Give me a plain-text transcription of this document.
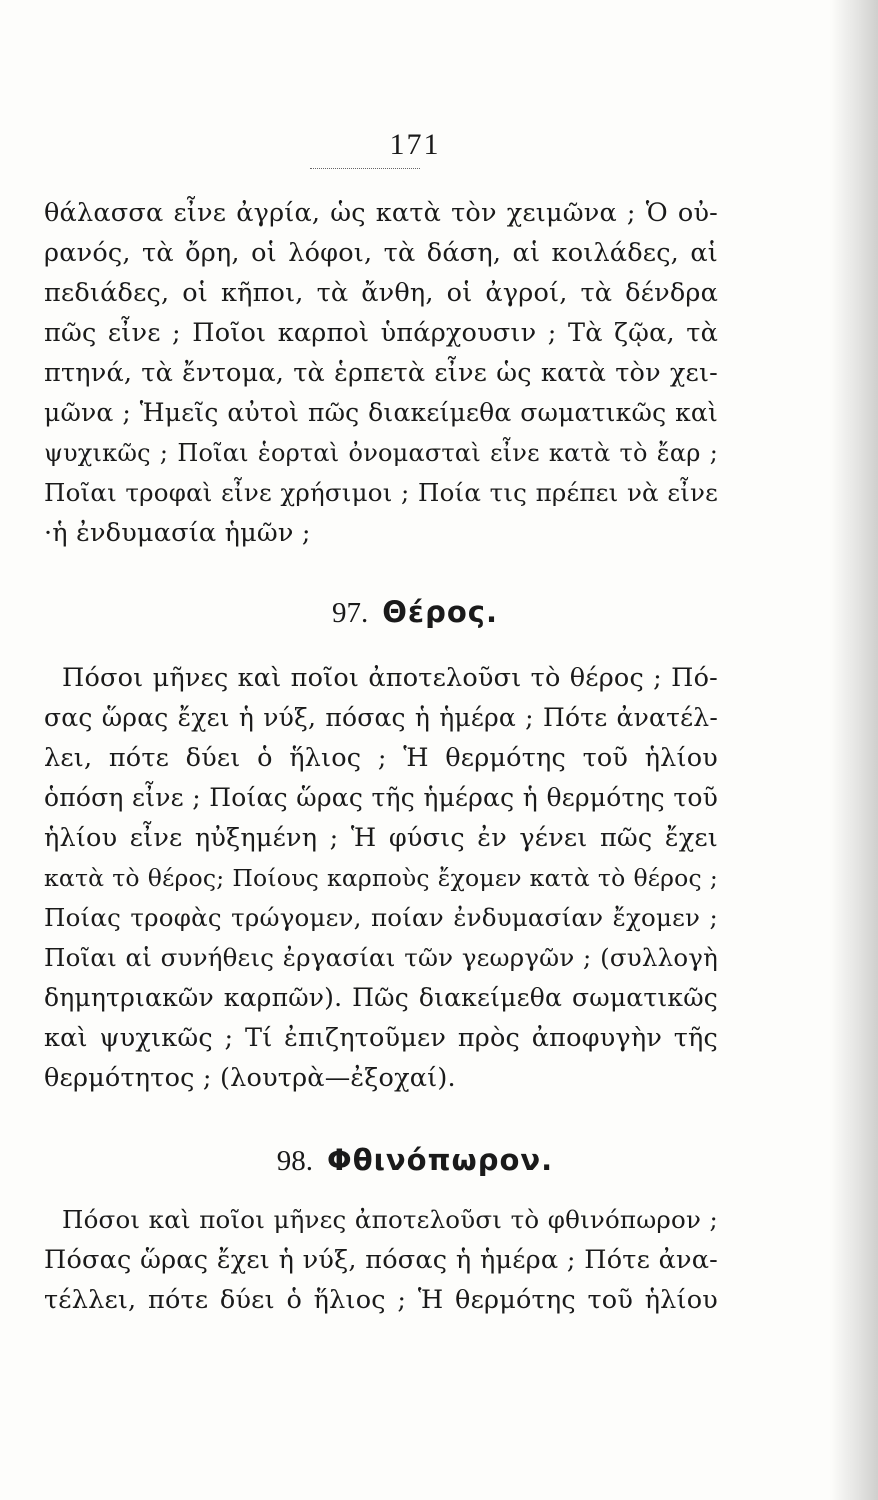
171
θάλασσα εἶνε ἀγρία, ὡς κατὰ τὸν χειμῶνα ; Ὁ οὐ-
ρανός, τὰ ὄρη, οἱ λόφοι, τὰ δάση, αἱ κοιλάδες, αἱ
πεδιάδες, οἱ κῆποι, τὰ ἄνθη, οἱ ἀγροί, τὰ δένδρα
πῶς εἶνε ; Ποῖοι καρποὶ ὑπάρχουσιν ; Τὰ ζῷα, τὰ
πτηνά, τὰ ἔντομα, τὰ ἑρπετὰ εἶνε ὡς κατὰ τὸν χει-
μῶνα ; Ἡμεῖς αὐτοὶ πῶς διακείμεθα σωματικῶς καὶ
ψυχικῶς ; Ποῖαι ἑορταὶ ὀνομασταὶ εἶνε κατὰ τὸ ἔαρ ;
Ποῖαι τροφαὶ εἶνε χρήσιμοι ; Ποία τις πρέπει νὰ εἶνε
·ἡ ἐνδυμασία ἡμῶν ;
97. Θέρος.
Πόσοι μῆνες καὶ ποῖοι ἀποτελοῦσι τὸ θέρος ; Πό-
σας ὥρας ἔχει ἡ νύξ, πόσας ἡ ἡμέρα ; Πότε ἀνατέλ-
λει, πότε δύει ὁ ἥλιος ; Ἡ θερμότης τοῦ ἡλίου
ὁπόση εἶνε ; Ποίας ὥρας τῆς ἡμέρας ἡ θερμότης τοῦ
ἡλίου εἶνε ηὐξημένη ; Ἡ φύσις ἐν γένει πῶς ἔχει
κατὰ τὸ θέρος; Ποίους καρποὺς ἔχομεν κατὰ τὸ θέρος ;
Ποίας τροφὰς τρώγομεν, ποίαν ἐνδυμασίαν ἔχομεν ;
Ποῖαι αἱ συνήθεις ἐργασίαι τῶν γεωργῶν ; (συλλογὴ
δημητριακῶν καρπῶν). Πῶς διακείμεθα σωματικῶς
καὶ ψυχικῶς ; Τί ἐπιζητοῦμεν πρὸς ἀποφυγὴν τῆς
θερμότητος ; (λουτρὰ—ἐξοχαί).
98. Φθινόπωρον.
Πόσοι καὶ ποῖοι μῆνες ἀποτελοῦσι τὸ φθινόπωρον ;
Πόσας ὥρας ἔχει ἡ νύξ, πόσας ἡ ἡμέρα ; Πότε ἀνα-
τέλλει, πότε δύει ὁ ἥλιος ; Ἡ θερμότης τοῦ ἡλίου
